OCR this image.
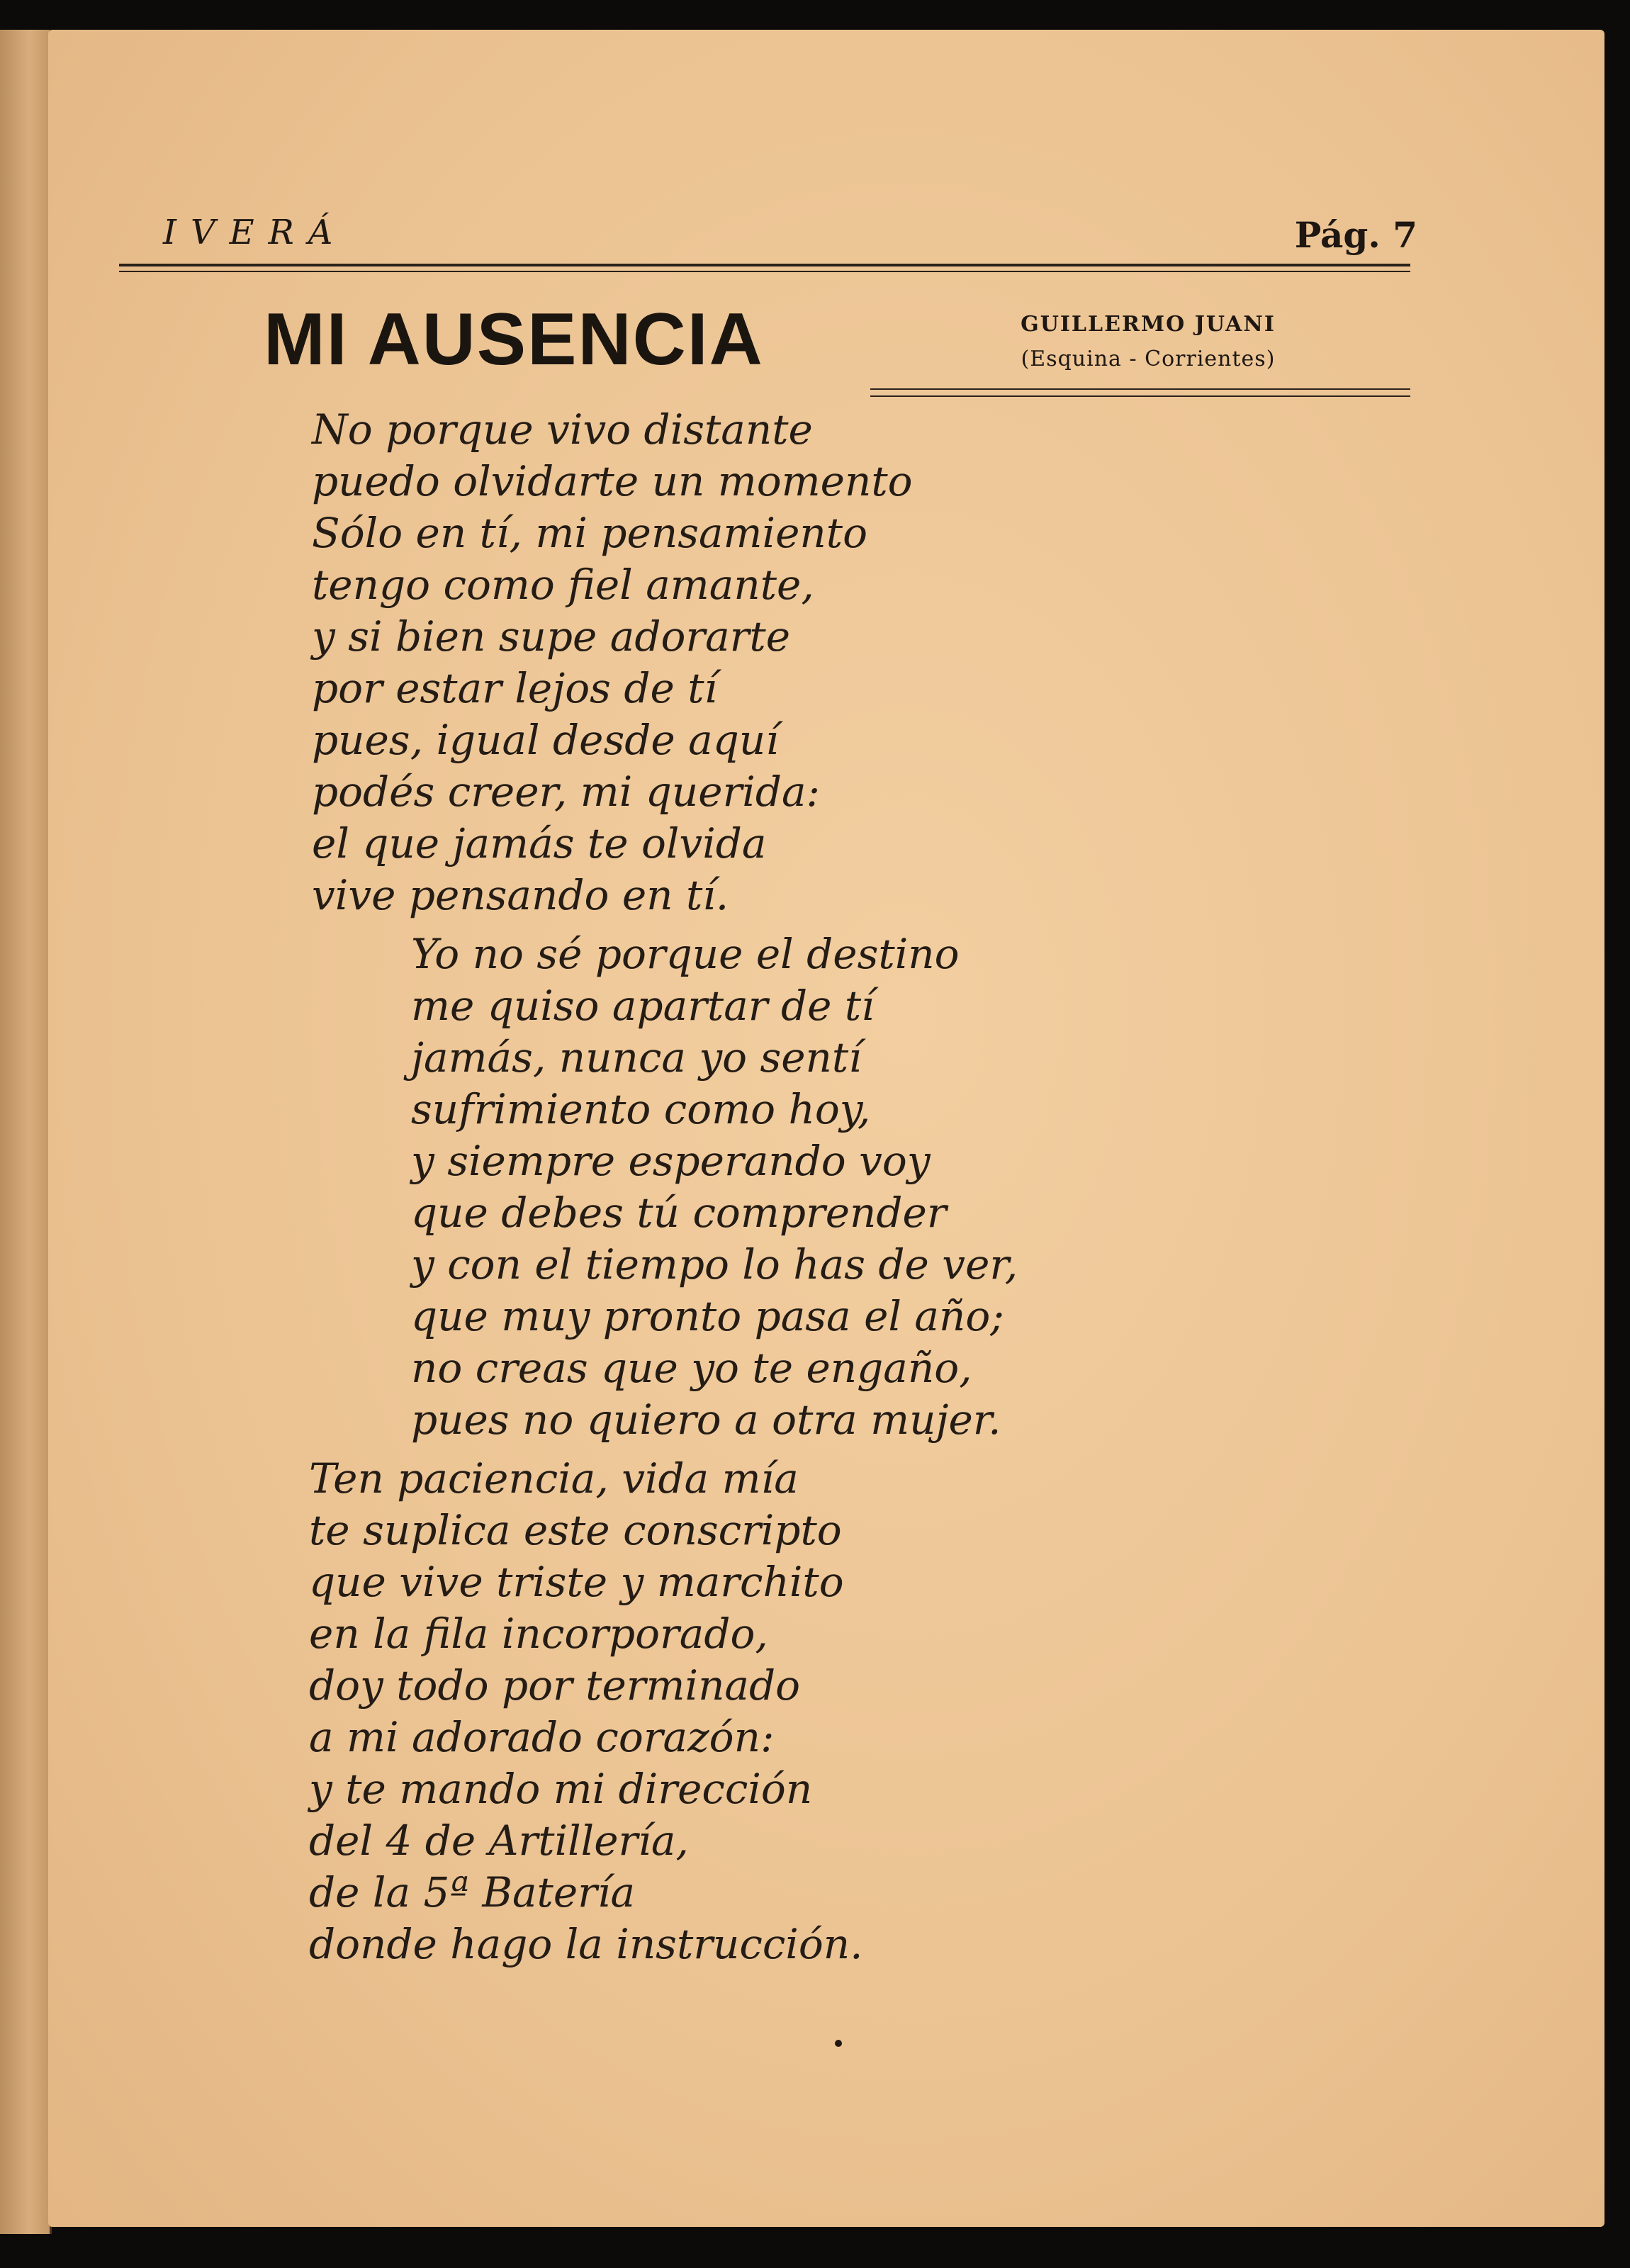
IVERÁ	Pág. 7
MI AUSENCIA	GUILLERMO JUANI
(Esquina - Corrientes)
No porque vivo distante
puedo olvidarte un momento
Sólo en tí, mi pensamiento
tengo como fiel amante,
y si bien supe adorarte
por estar lejos de tí
pues, igual desde aquí
podés creer, mi querida:
el que jamás te olvida
vive pensando en tí.
Yo no sé porque el destino
me quiso apartar de tí
jamás, nunca yo sentí
sufrimiento como hoy,
y siempre esperando voy
que debes tú comprender
y con el tiempo lo has de ver,
que muy pronto pasa el año;
no creas que yo te engaño,
pues no quiero a otra mujer.
Ten paciencia, vida mía
te suplica este conscripto
que vive triste y marchito
en la fila incorporado,
doy todo por terminado
a mi adorado corazón:
y te mando mi dirección
del 4 de Artillería,
de la 5ª Batería
donde hago la instrucción.
